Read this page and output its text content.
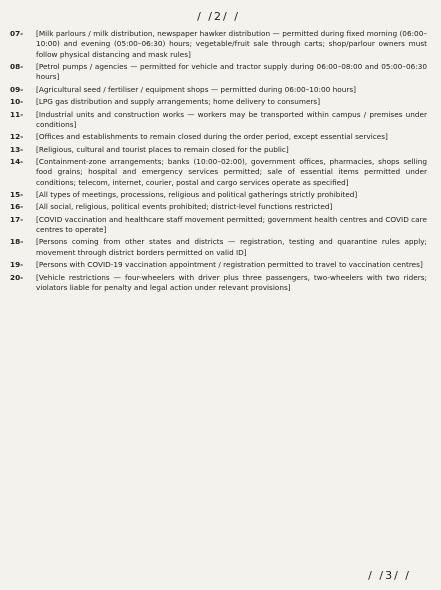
/ /2/ /
07-	[Milk parlours / milk distribution, newspaper hawker distribution — permitted during fixed morning (06:00–10:00) and evening (05:00–06:30) hours; vegetable/fruit sale through carts; shop/parlour owners must follow physical distancing and mask rules]
08-	[Petrol pumps / agencies — permitted for vehicle and tractor supply during 06:00–08:00 and 05:00–06:30 hours]
09-	[Agricultural seed / fertiliser / equipment shops — permitted during 06:00–10:00 hours]
10-	[LPG gas distribution and supply arrangements; home delivery to consumers]
11-	[Industrial units and construction works — workers may be transported within campus / premises under conditions]
12-	[Offices and establishments to remain closed during the order period, except essential services]
13-	[Religious, cultural and tourist places to remain closed for the public]
14-	[Containment-zone arrangements; banks (10:00–02:00), government offices, pharmacies, shops selling food grains; hospital and emergency services permitted; sale of essential items permitted under conditions; telecom, internet, courier, postal and cargo services operate as specified]
15-	[All types of meetings, processions, religious and political gatherings strictly prohibited]
16-	[All social, religious, political events prohibited; district-level functions restricted]
17-	[COVID vaccination and healthcare staff movement permitted; government health centres and COVID care centres to operate]
18-	[Persons coming from other states and districts — registration, testing and quarantine rules apply; movement through district borders permitted on valid ID]
19-	[Persons with COVID-19 vaccination appointment / registration permitted to travel to vaccination centres]
20-	[Vehicle restrictions — four-wheelers with driver plus three passengers, two-wheelers with two riders; violators liable for penalty and legal action under relevant provisions]
/ /3/ /
